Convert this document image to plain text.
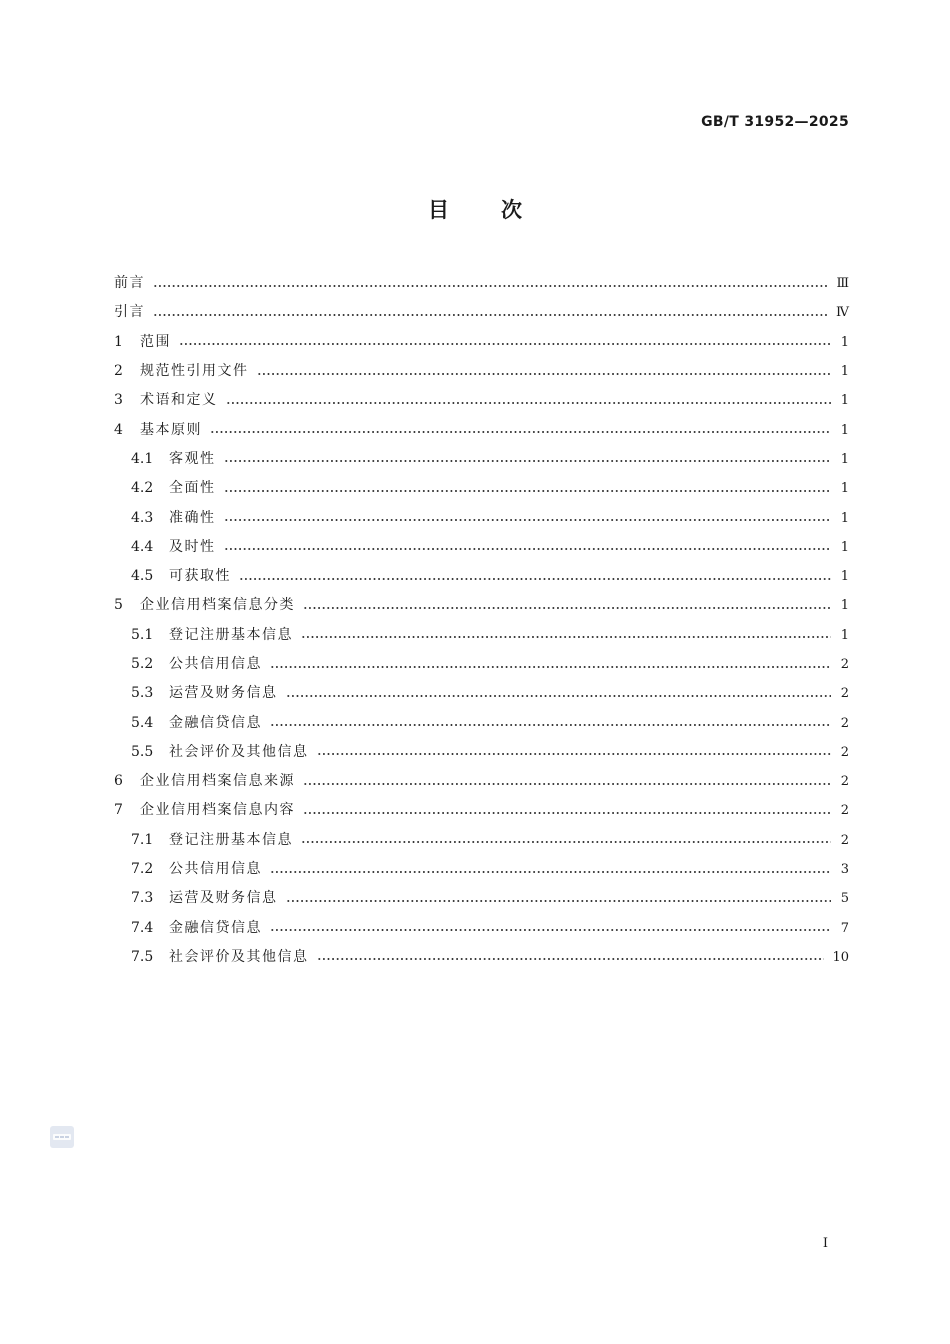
GB/T 31952—2025
目 次
前言	Ⅲ
引言	Ⅳ
1	范围	1
2	规范性引用文件	1
3	术语和定义	1
4	基本原则	1
4.1	客观性	1
4.2	全面性	1
4.3	准确性	1
4.4	及时性	1
4.5	可获取性	1
5	企业信用档案信息分类	1
5.1	登记注册基本信息	1
5.2	公共信用信息	2
5.3	运营及财务信息	2
5.4	金融信贷信息	2
5.5	社会评价及其他信息	2
6	企业信用档案信息来源	2
7	企业信用档案信息内容	2
7.1	登记注册基本信息	2
7.2	公共信用信息	3
7.3	运营及财务信息	5
7.4	金融信贷信息	7
7.5	社会评价及其他信息	10
I
